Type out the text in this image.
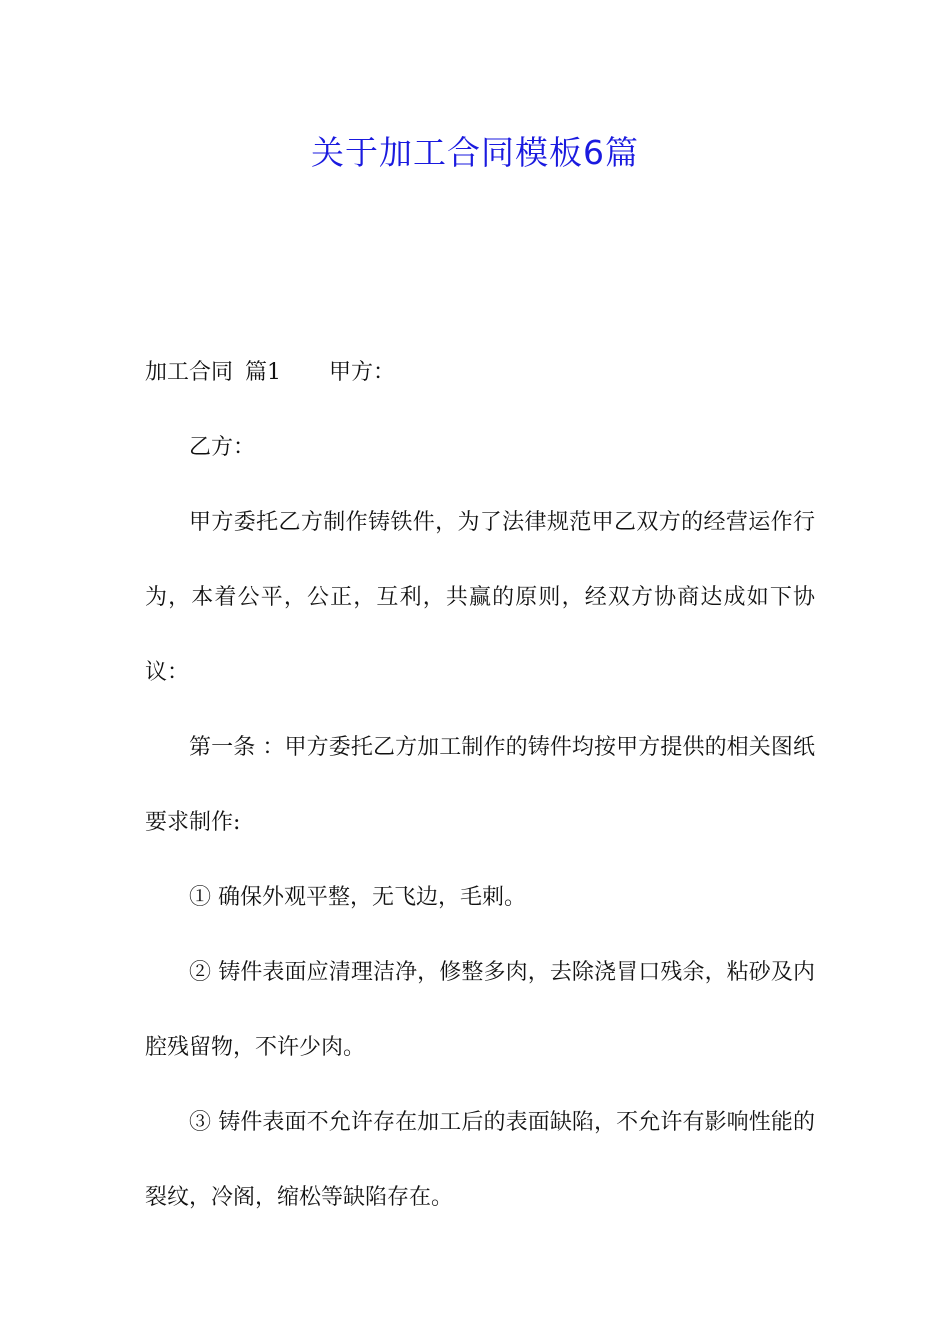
关于加工合同模板6篇

加工合同 篇1 甲方：

乙方：

甲方委托乙方制作铸铁件，为了法律规范甲乙双方的经营运作行为，本着公平，公正，互利，共赢的原则，经双方协商达成如下协议：

第一条 ：甲方委托乙方加工制作的铸件均按甲方提供的相关图纸要求制作:

① 确保外观平整，无飞边，毛刺。

② 铸件表面应清理洁净，修整多肉，去除浇冒口残余，粘砂及内腔残留物，不许少肉。

③ 铸件表面不允许存在加工后的表面缺陷，不允许有影响性能的裂纹，冷阁，缩松等缺陷存在。
